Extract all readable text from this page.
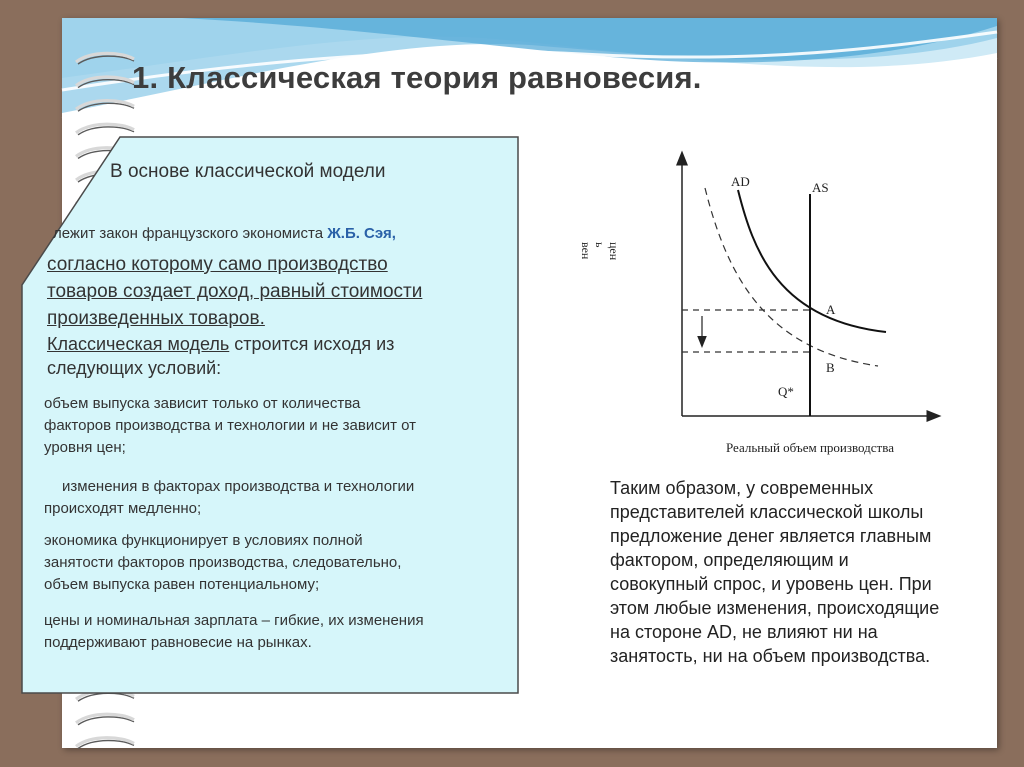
1. Классическая теория равновесия.
В основе классической модели
лежит закон французского экономиста Ж.Б. Сэя,
согласно которому само производство
товаров создает доход, равный стоимости
произведенных товаров.
Классическая модель строится исходя из
следующих условий:
объем выпуска зависит только от количества
факторов производства и технологии и не зависит от
уровня цен;
изменения в факторах производства и технологии
происходят медленно;
экономика функционирует в условиях полной
занятости факторов производства, следовательно,
объем выпуска равен потенциальному;
цены и номинальная зарплата – гибкие, их изменения
поддерживают равновесие на рынках.
AD	AS
A
B
Q*
вен ь цен
Реальный объем производства
Таким образом, у современных
представителей классической школы
предложение денег является главным
фактором, определяющим и
совокупный спрос, и уровень цен. При
этом любые изменения, происходящие
на стороне AD, не влияют ни на
занятость, ни на объем производства.
